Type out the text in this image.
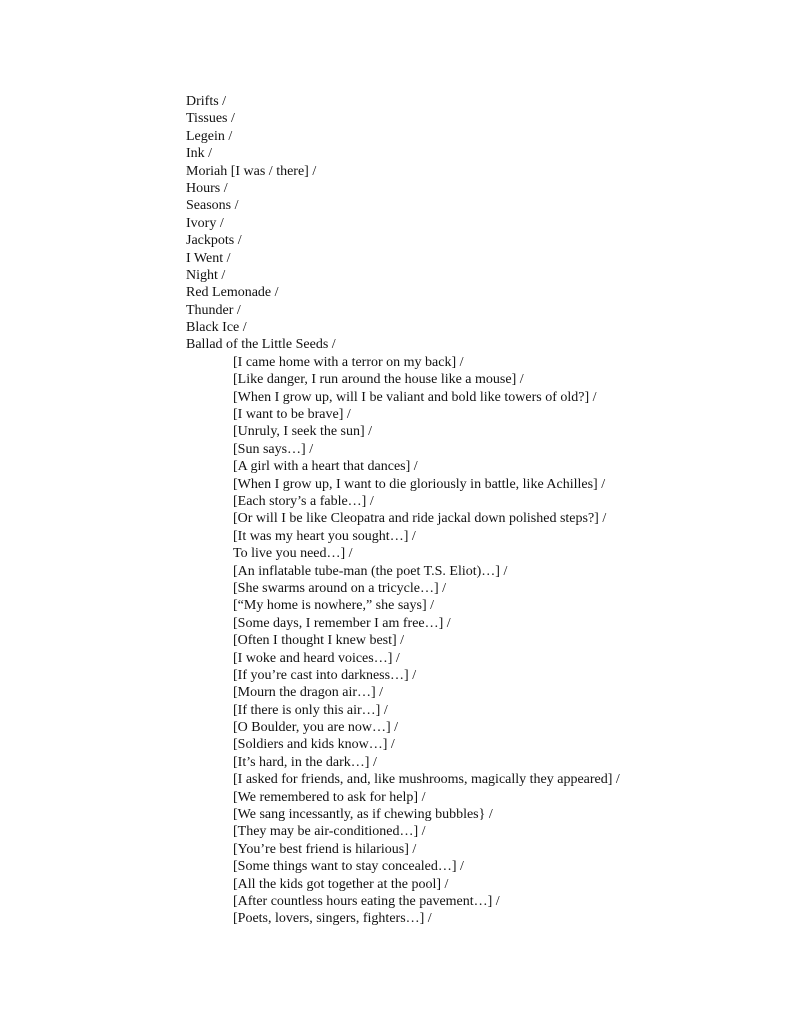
Drifts /
Tissues /
Legein /
Ink /
Moriah [I was / there] /
Hours /
Seasons /
Ivory /
Jackpots /
I Went /
Night /
Red Lemonade /
Thunder /
Black Ice /
Ballad of the Little Seeds /
[I came home with a terror on my back] /
[Like danger, I run around the house like a mouse] /
[When I grow up, will I be valiant and bold like towers of old?] /
[I want to be brave] /
[Unruly, I seek the sun] /
[Sun says…] /
[A girl with a heart that dances] /
[When I grow up, I want to die gloriously in battle, like Achilles] /
[Each story’s a fable…] /
[Or will I be like Cleopatra and ride jackal down polished steps?] /
[It was my heart you sought…] /
To live you need…] /
[An inflatable tube-man (the poet T.S. Eliot)…] /
[She swarms around on a tricycle…] /
[“My home is nowhere,” she says] /
[Some days, I remember I am free…] /
[Often I thought I knew best] /
[I woke and heard voices…] /
[If you’re cast into darkness…] /
[Mourn the dragon air…] /
[If there is only this air…] /
[O Boulder, you are now…] /
[Soldiers and kids know…] /
[It’s hard, in the dark…] /
[I asked for friends, and, like mushrooms, magically they appeared] /
[We remembered to ask for help] /
[We sang incessantly, as if chewing bubbles} /
[They may be air-conditioned…] /
[You’re best friend is hilarious] /
[Some things want to stay concealed…] /
[All the kids got together at the pool] /
[After countless hours eating the pavement…] /
[Poets, lovers, singers, fighters…] /
